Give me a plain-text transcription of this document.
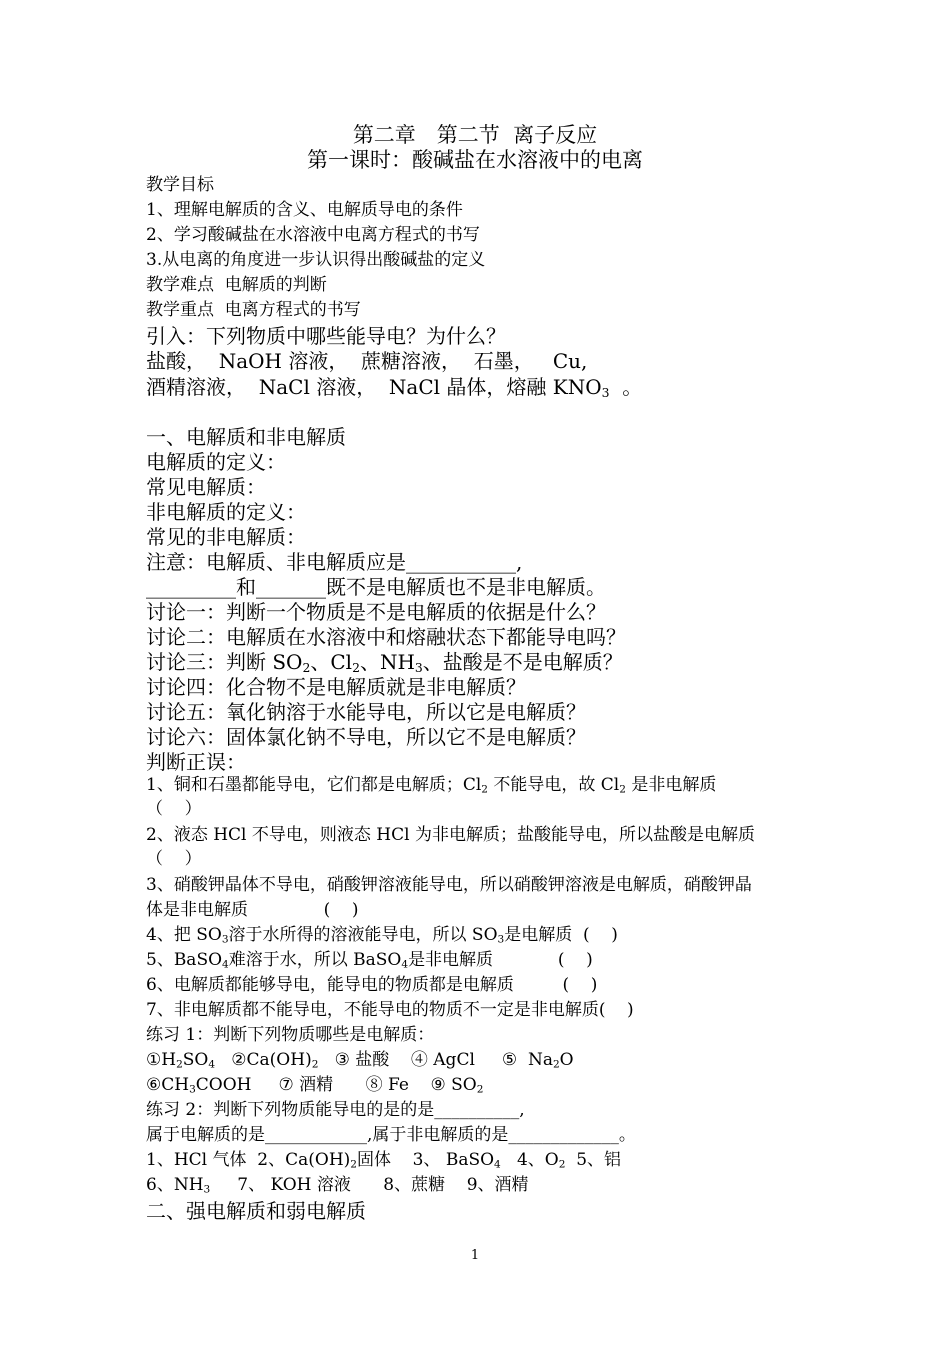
第二章　第二节  离子反应
第一课时：酸碱盐在水溶液中的电离
教学目标
1、理解电解质的含义、电解质导电的条件
2、学习酸碱盐在水溶液中电离方程式的书写
3.从电离的角度进一步认识得出酸碱盐的定义
教学难点  电解质的判断
教学重点  电离方程式的书写
引入：下列物质中哪些能导电？为什么？
盐酸，  NaOH 溶液，  蔗糖溶液，  石墨，   Cu,
酒精溶液，  NaCl 溶液，  NaCl 晶体，熔融 $KNO_3$  。
一、电解质和非电解质
电解质的定义：
常见电解质：
非电解质的定义：
常见的非电解质：
注意：电解质、非电解质应是___________,
_________和_______既不是电解质也不是非电解质。
讨论一：判断一个物质是不是电解质的依据是什么？
讨论二：电解质在水溶液中和熔融状态下都能导电吗？
讨论三：判断 $SO_2$、$Cl_2$、$NH_3$、盐酸是不是电解质？
讨论四：化合物不是电解质就是非电解质？
讨论五：氧化钠溶于水能导电，所以它是电解质？
讨论六：固体氯化钠不导电，所以它不是电解质？
判断正误：
1、铜和石墨都能导电，它们都是电解质；$Cl_2$ 不能导电，故 $Cl_2$ 是非电解质
（    ）
2、液态 HCl 不导电，则液态 HCl 为非电解质；盐酸能导电，所以盐酸是电解质
（    ）
3、硝酸钾晶体不导电，硝酸钾溶液能导电，所以硝酸钾溶液是电解质，硝酸钾晶
体是非电解质              (    )
4、把 $SO_3$溶于水所得的溶液能导电，所以 $SO_3$是电解质  (    )
5、BaSO$_4$难溶于水，所以 BaSO$_4$是非电解质            (    )
6、电解质都能够导电，能导电的物质都是电解质         (    )
7、非电解质都不能导电，不能导电的物质不一定是非电解质(    )
练习 1：判断下列物质哪些是电解质：
$①H_2SO_4$   $②Ca(OH)_2$   ③ 盐酸    ④ AgCl     ⑤  $Na_2O$
$⑥CH_3COOH$     ⑦ 酒精      ⑧ Fe    ⑨ $SO_2$
练习 2：判断下列物质能导电的是的是__________,
属于电解质的是____________,属于非电解质的是_____________。
1、HCl 气体  2、$Ca(OH)_2$固体    3、 BaSO$_4$   4、$O_2$  5、铝
6、$NH_3$     7、 KOH 溶液      8、蔗糖    9、酒精
二、强电解质和弱电解质
1
